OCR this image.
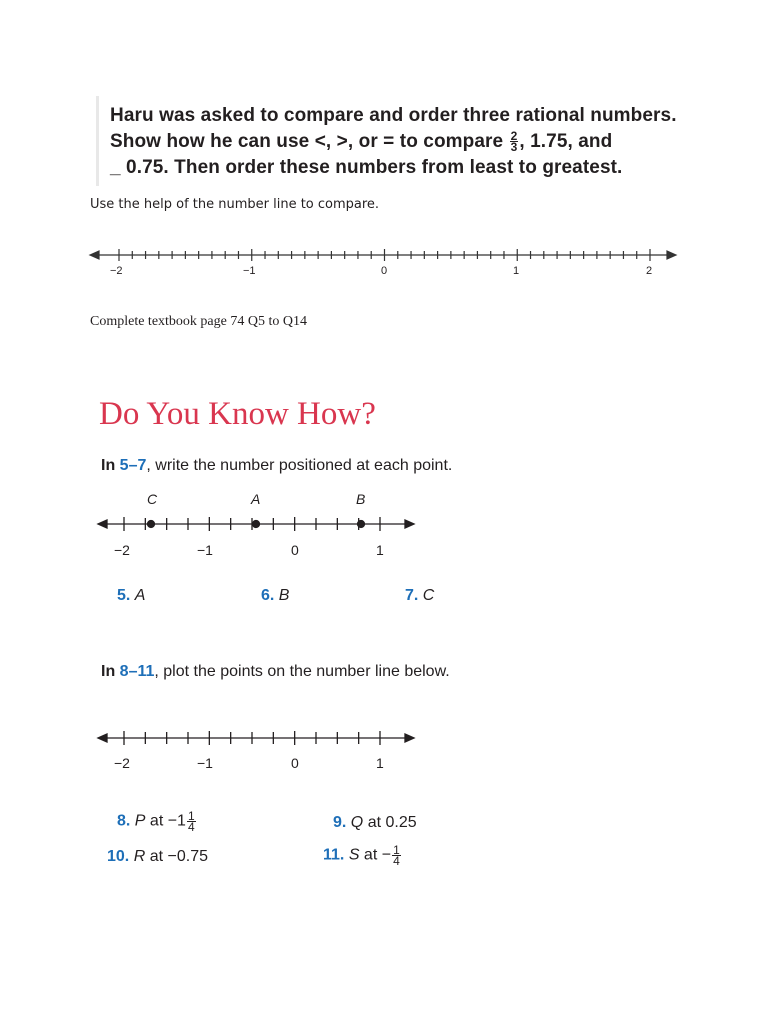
Haru was asked to compare and order three rational numbers.
Show how he can use <, >, or = to compare $\frac{2}{3}$ , 1.75, and
_ 0.75. Then order these numbers from least to greatest.
Use the help of the number line to compare.
−2	−1	0	1	2
Complete textbook page 74 Q5 to Q14
Do You Know How?
In 5–7, write the number positioned at each point.
C	A	B
−2	−1	0	1
5. A	6. B	7. C
In 8–11, plot the points on the number line below.
−2	−1	0	1
8. P at $-1 \frac{1}{4}$	9. Q at 0.25
10. R at −0.75	11. S at − $\frac{1}{4}$
